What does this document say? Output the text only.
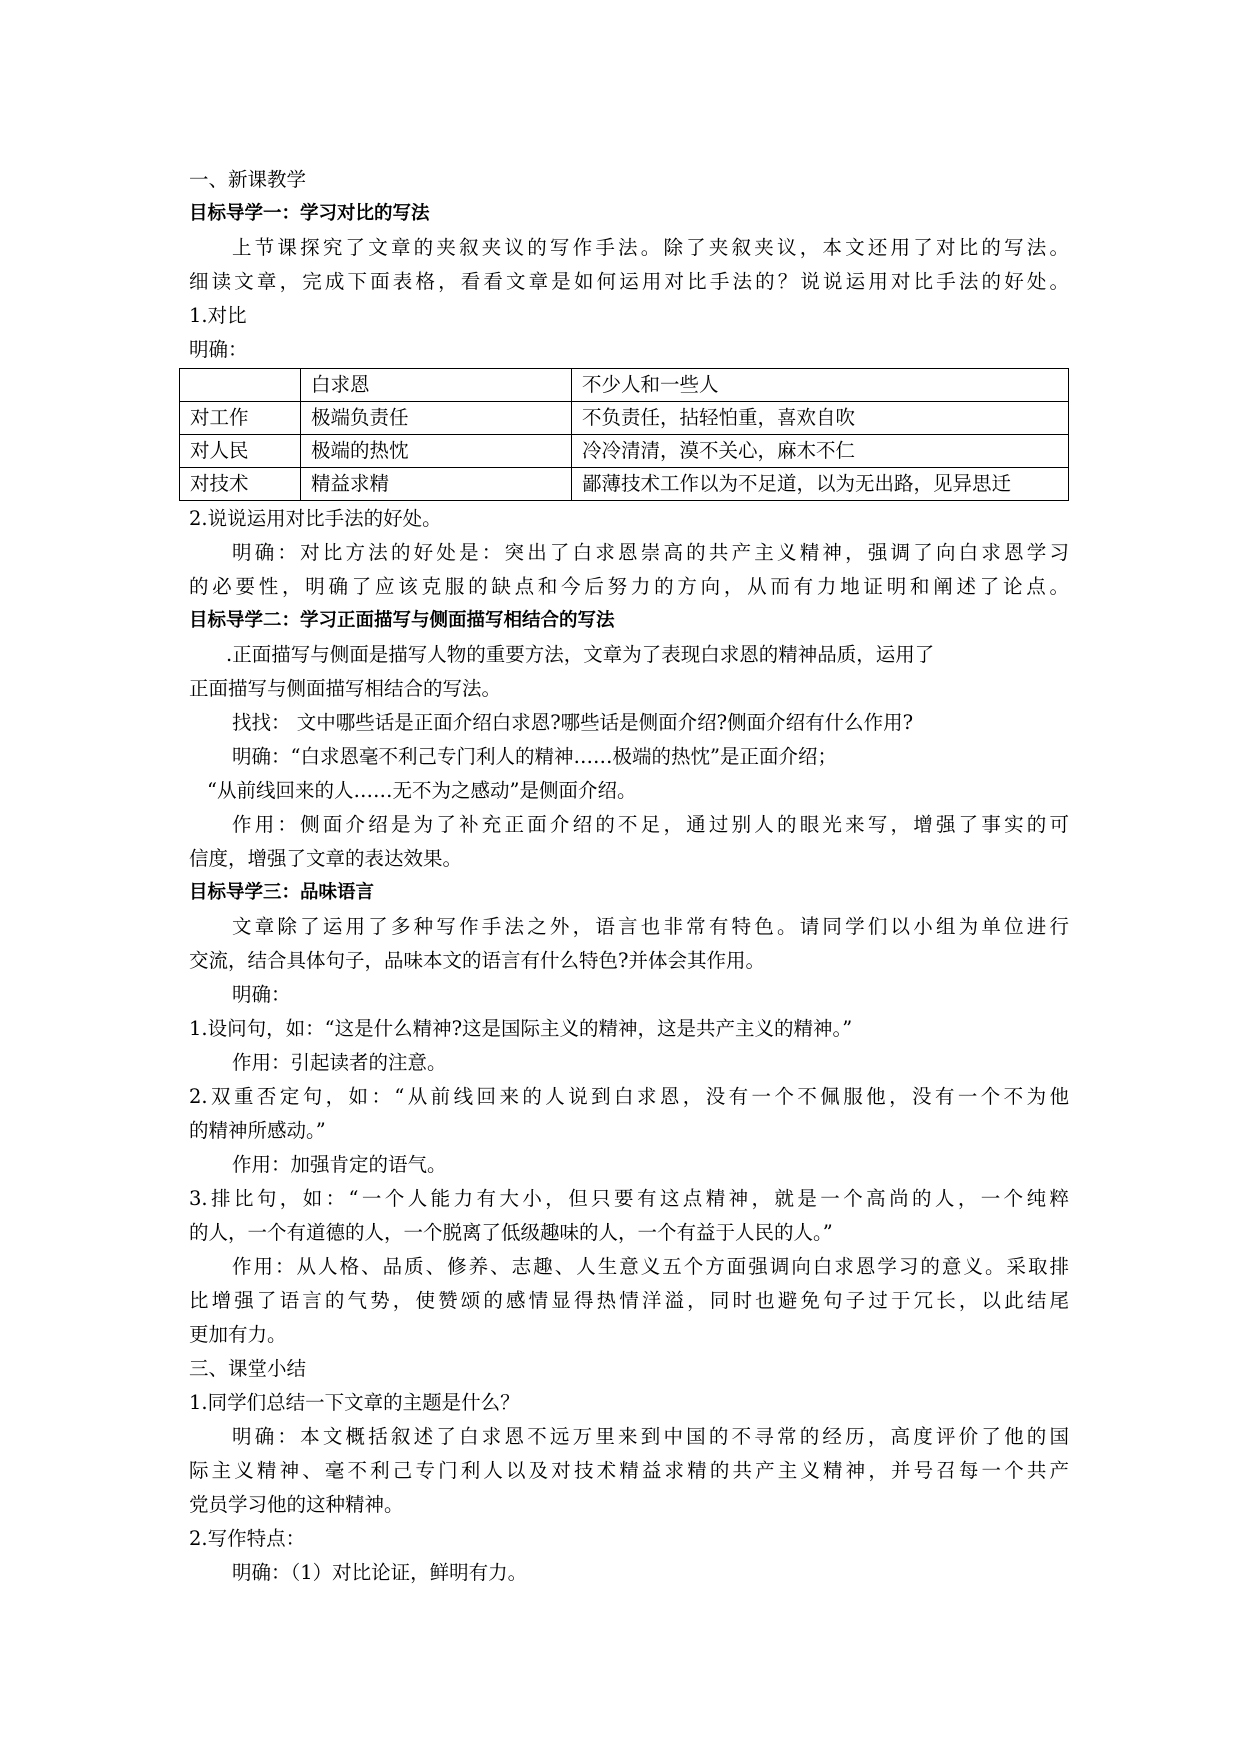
一、新课教学
目标导学一：学习对比的写法
上节课探究了文章的夹叙夹议的写作手法。除了夹叙夹议，本文还用了对比的写法。
细读文章，完成下面表格，看看文章是如何运用对比手法的？说说运用对比手法的好处。
1.对比
明确：
	白求恩	不少人和一些人
对工作	极端负责任	不负责任，拈轻怕重，喜欢自吹
对人民	极端的热忱	冷冷清清，漠不关心，麻木不仁
对技术	精益求精	鄙薄技术工作以为不足道，以为无出路，见异思迁
2.说说运用对比手法的好处。
明确：对比方法的好处是：突出了白求恩崇高的共产主义精神，强调了向白求恩学习
的必要性，明确了应该克服的缺点和今后努力的方向，从而有力地证明和阐述了论点。
目标导学二：学习正面描写与侧面描写相结合的写法
.正面描写与侧面是描写人物的重要方法，文章为了表现白求恩的精神品质，运用了
正面描写与侧面描写相结合的写法。
找找： 文中哪些话是正面介绍白求恩?哪些话是侧面介绍?侧面介绍有什么作用?
明确：“白求恩毫不利己专门利人的精神……极端的热忱”是正面介绍；
“从前线回来的人……无不为之感动”是侧面介绍。
作用：侧面介绍是为了补充正面介绍的不足，通过别人的眼光来写，增强了事实的可
信度，增强了文章的表达效果。
目标导学三：品味语言
文章除了运用了多种写作手法之外，语言也非常有特色。请同学们以小组为单位进行
交流，结合具体句子，品味本文的语言有什么特色?并体会其作用。
明确：
1.设问句，如：“这是什么精神?这是国际主义的精神，这是共产主义的精神。”
作用：引起读者的注意。
2.双重否定句，如：“从前线回来的人说到白求恩，没有一个不佩服他，没有一个不为他
的精神所感动。”
作用：加强肯定的语气。
3.排比句，如：“一个人能力有大小，但只要有这点精神，就是一个高尚的人，一个纯粹
的人，一个有道德的人，一个脱离了低级趣味的人，一个有益于人民的人。”
作用：从人格、品质、修养、志趣、人生意义五个方面强调向白求恩学习的意义。采取排
比增强了语言的气势，使赞颂的感情显得热情洋溢，同时也避免句子过于冗长，以此结尾
更加有力。
三、课堂小结
1.同学们总结一下文章的主题是什么？
明确：本文概括叙述了白求恩不远万里来到中国的不寻常的经历，高度评价了他的国
际主义精神、毫不利己专门利人以及对技术精益求精的共产主义精神，并号召每一个共产
党员学习他的这种精神。
2.写作特点：
明确：（1）对比论证，鲜明有力。
